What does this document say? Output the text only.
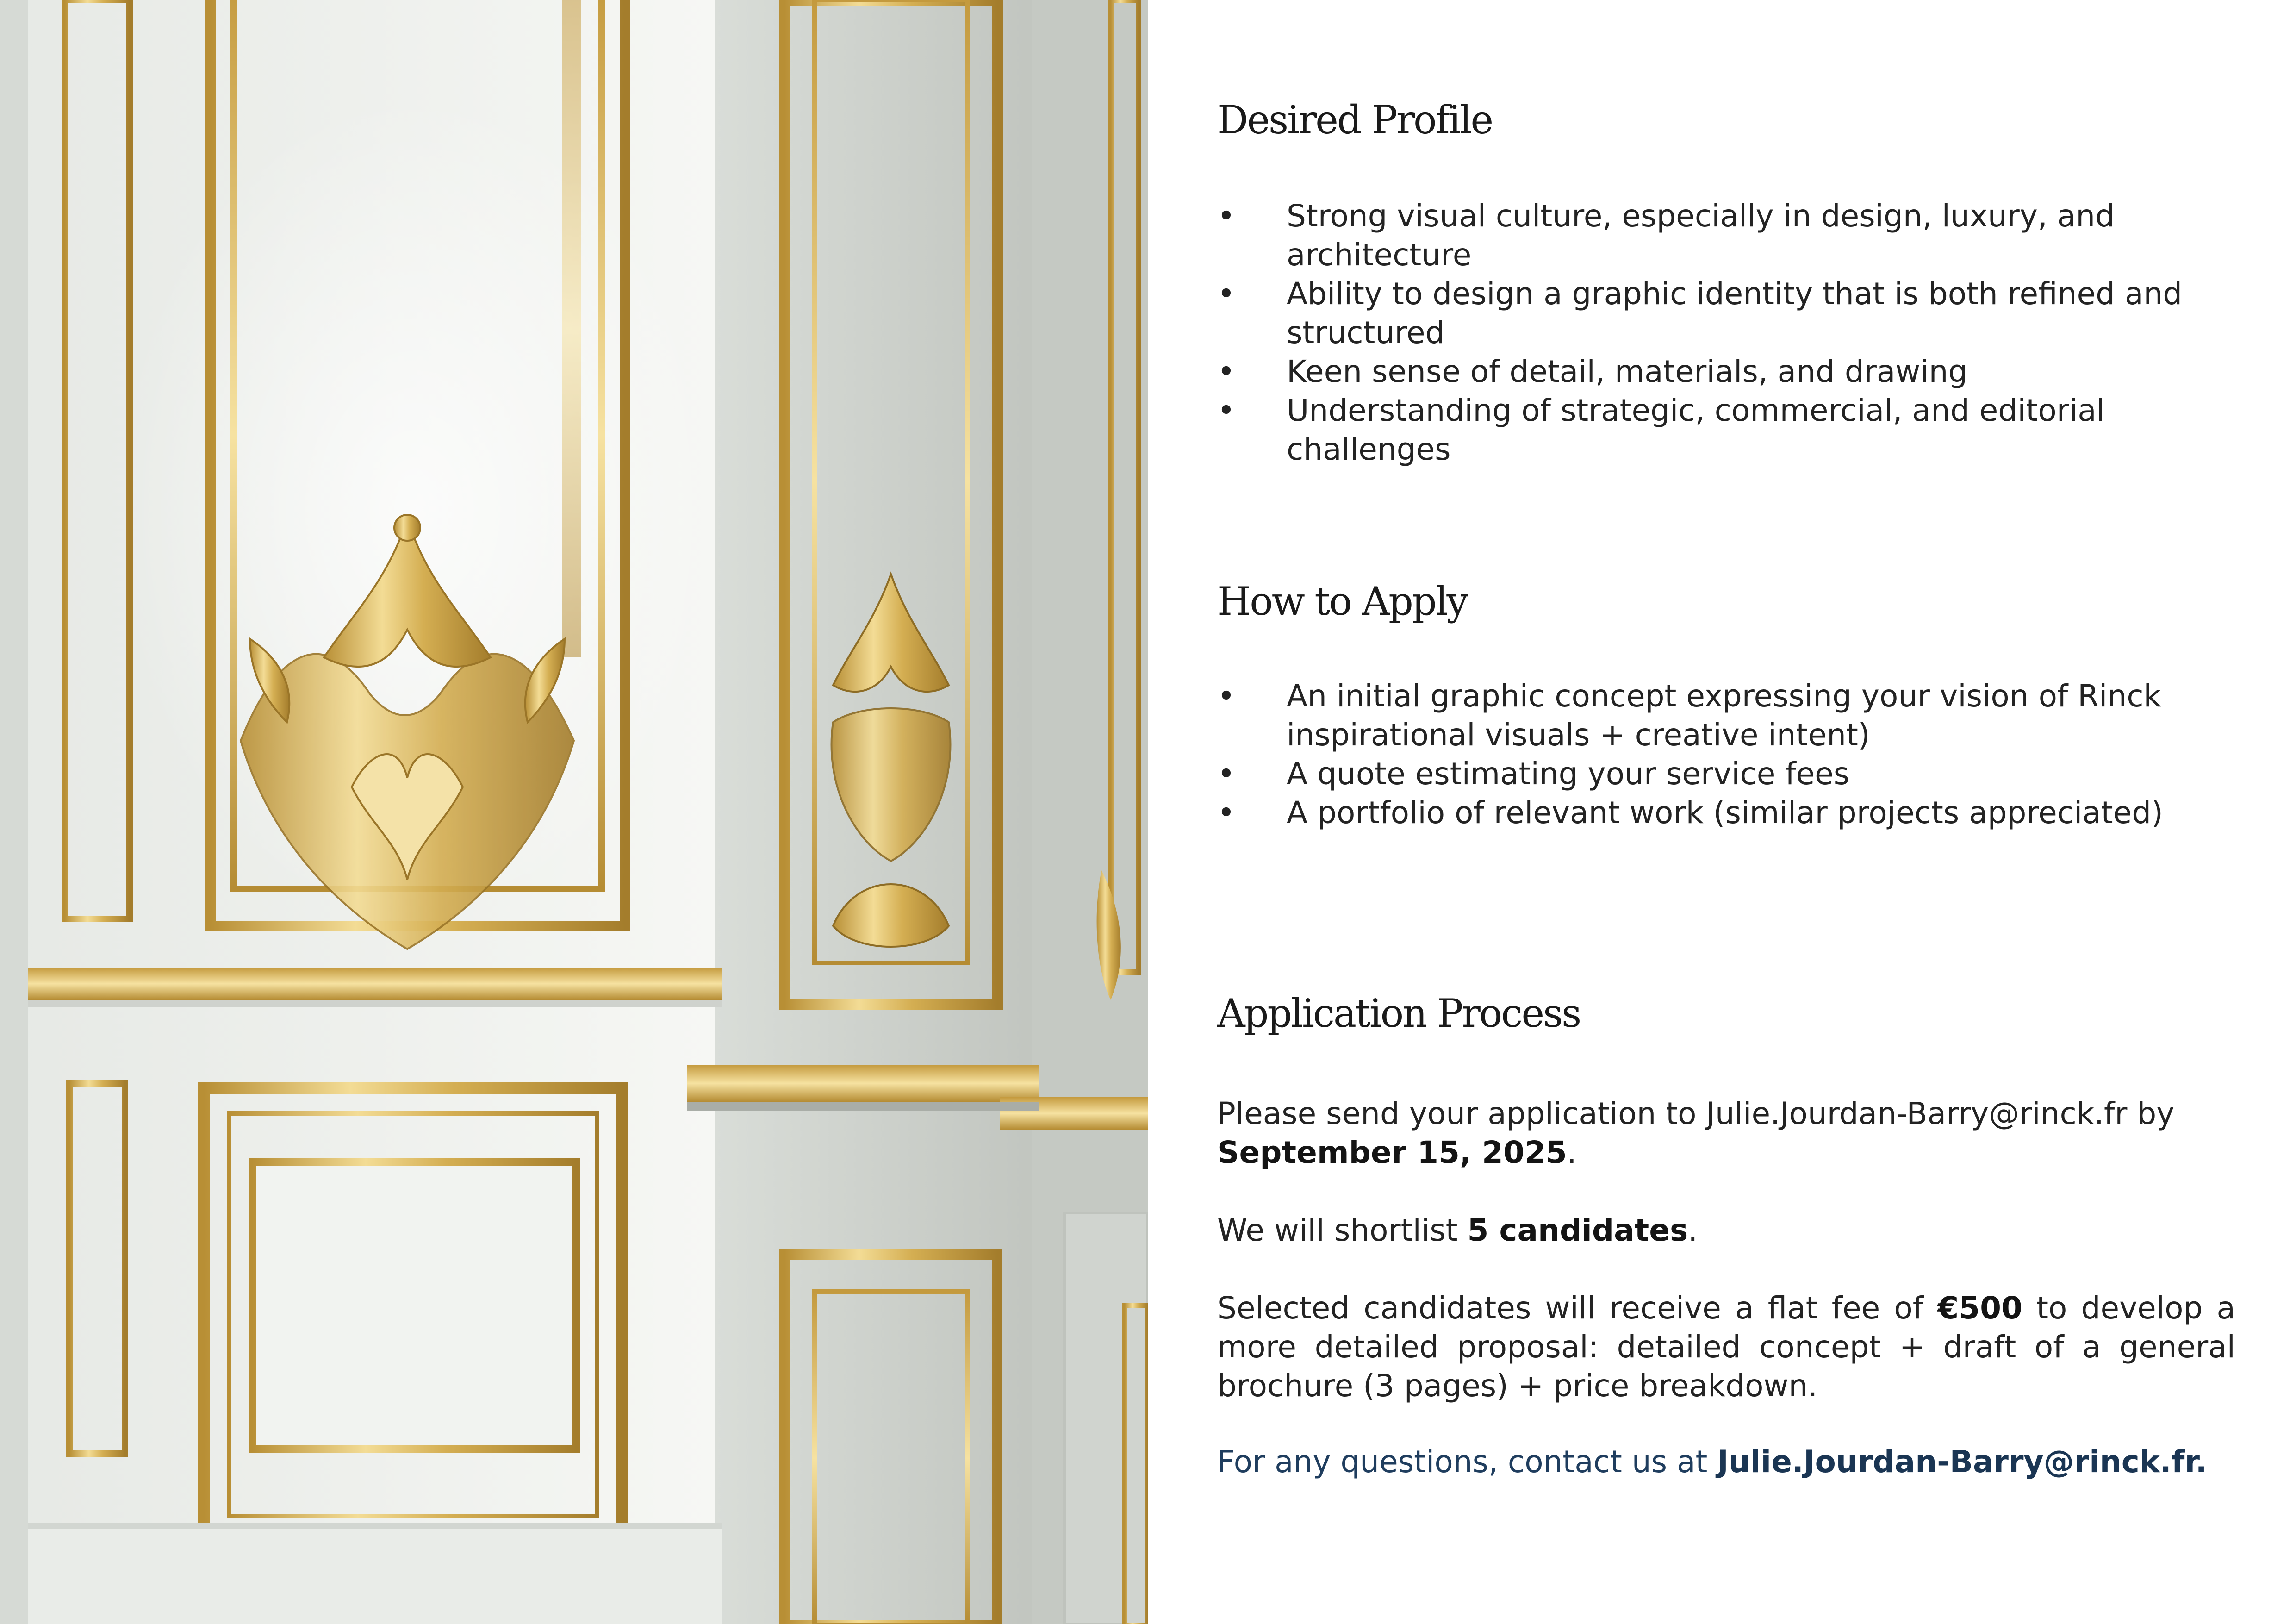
Desired Profile
•	Strong visual culture, especially in design, luxury, and architecture
•	Ability to design a graphic identity that is both refined and structured
•	Keen sense of detail, materials, and drawing
•	Understanding of strategic, commercial, and editorial challenges
How to Apply
•	An initial graphic concept expressing your vision of Rinck inspirational visuals + creative intent)
•	A quote estimating your service fees
•	A portfolio of relevant work (similar projects appreciated)
Application Process

Please send your application to Julie.Jourdan-Barry@rinck.fr by September 15, 2025.

We will shortlist 5 candidates.

Selected candidates will receive a flat fee of €500 to develop a more detailed proposal: detailed concept + draft of a general brochure (3 pages) + price breakdown.

For any questions, contact us at Julie.Jourdan-Barry@rinck.fr.
